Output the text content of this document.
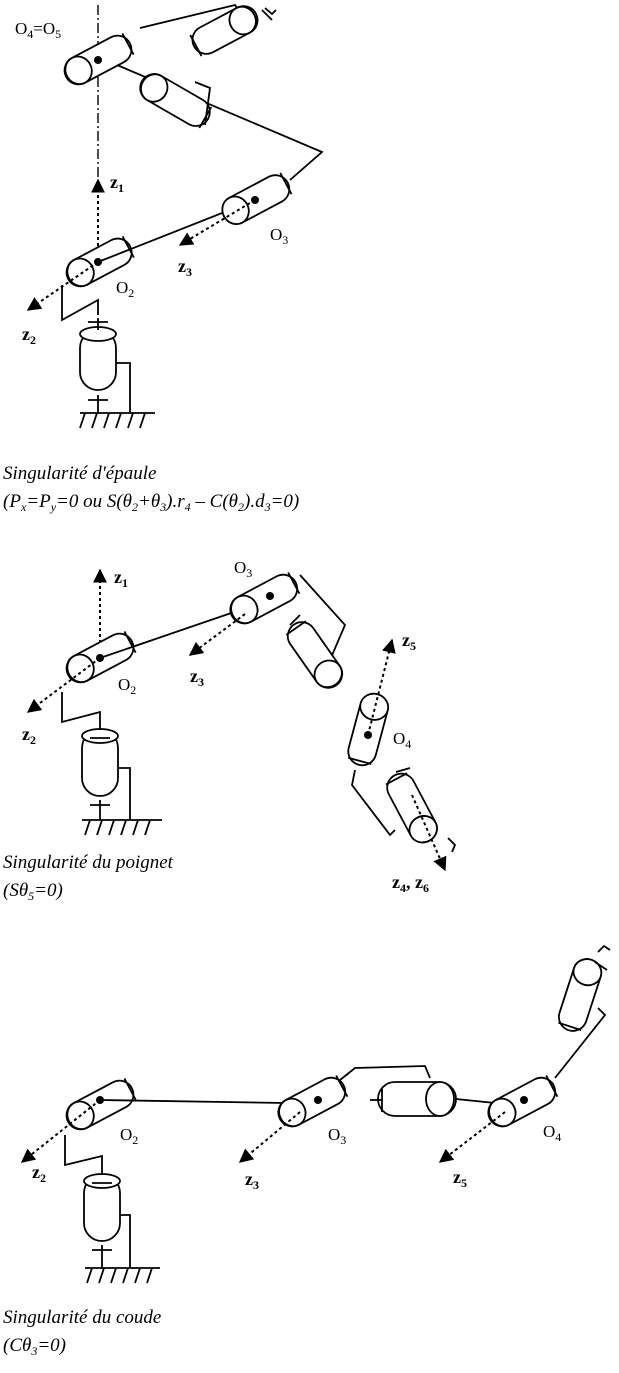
$O_4=O_5$
$z_1$
$O_3$
$z_3$
$O_2$
$z_2$
Singularité d'épaule
($P_x=P_y=0$ ou $S(\theta_2+\theta_3).r_4 - C(\theta_2).d_3=0$)
$z_1$
$O_3$
$z_5$
$O_2$
$z_3$
$O_4$
$z_2$
$z_4$, $z_6$
Singularité du poignet
$(S\theta_5=0)$
$O_2$	$O_3$	$O_4$
$z_2$	$z_3$	$z_5$
Singularité du coude
$(C\theta_3=0)$
